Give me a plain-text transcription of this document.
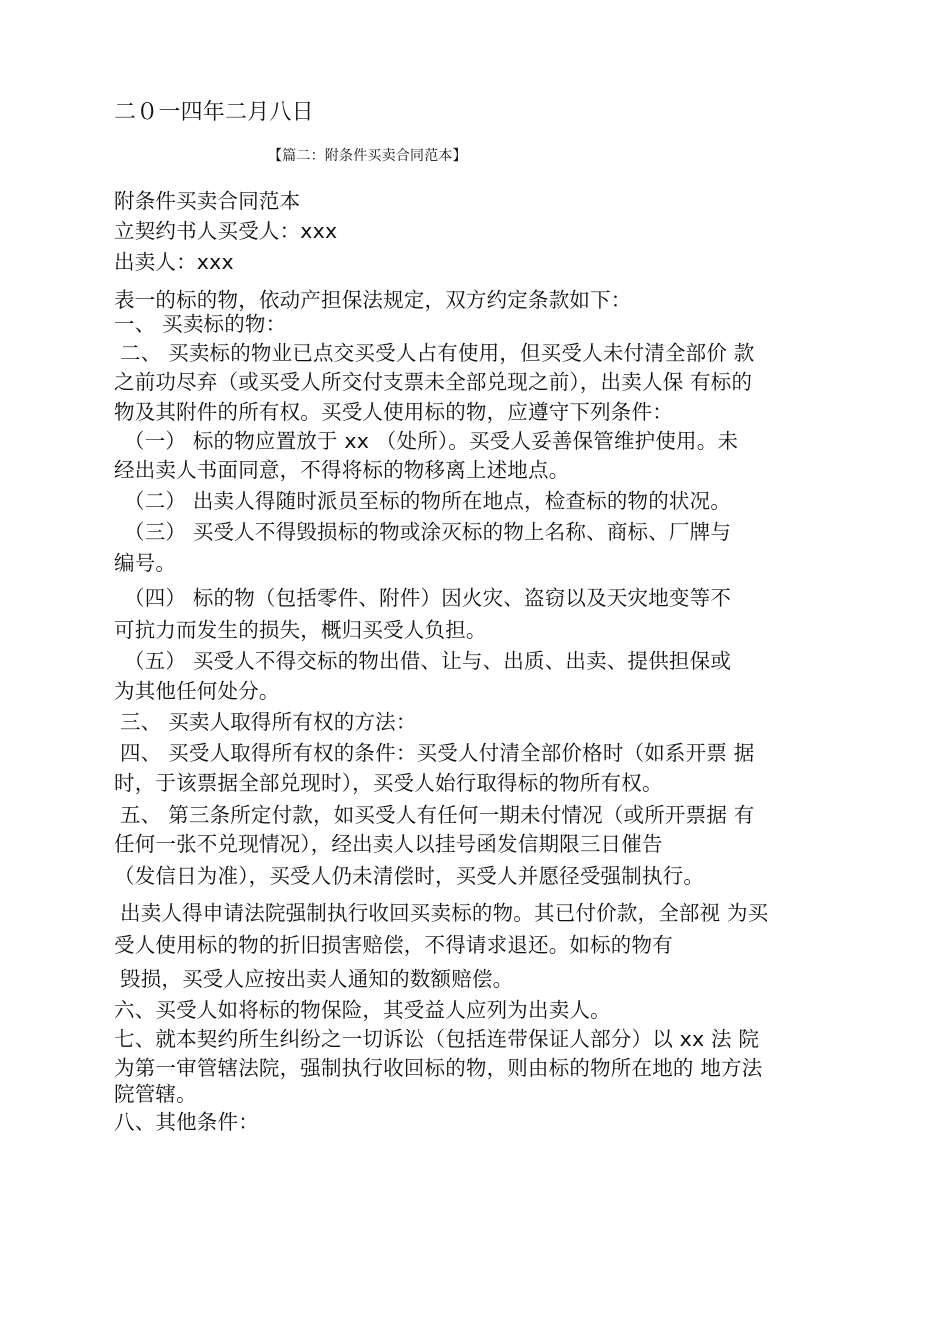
二０一四年二月八日
【篇二：附条件买卖合同范本】
附条件买卖合同范本
立契约书人买受人：xxx
出卖人：xxx
表一的标的物，依动产担保法规定，双方约定条款如下：
一、 买卖标的物：
二、 买卖标的物业已点交买受人占有使用，但买受人未付清全部价 款
之前功尽弃（或买受人所交付支票未全部兑现之前），出卖人保 有标的
物及其附件的所有权。买受人使用标的物，应遵守下列条件：
（一） 标的物应置放于 xx （处所）。买受人妥善保管维护使用。未
经出卖人书面同意，不得将标的物移离上述地点。
（二） 出卖人得随时派员至标的物所在地点，检查标的物的状况。
（三） 买受人不得毁损标的物或涂灭标的物上名称、商标、厂牌与
编号。
（四） 标的物（包括零件、附件）因火灾、盗窃以及天灾地变等不
可抗力而发生的损失，概归买受人负担。
（五） 买受人不得交标的物出借、让与、出质、出卖、提供担保或
为其他任何处分。
三、 买卖人取得所有权的方法：
四、 买受人取得所有权的条件：买受人付清全部价格时（如系开票 据
时，于该票据全部兑现时），买受人始行取得标的物所有权。
五、 第三条所定付款，如买受人有任何一期未付情况（或所开票据 有
任何一张不兑现情况），经出卖人以挂号函发信期限三日催告
（发信日为准），买受人仍未清偿时，买受人并愿径受强制执行。
出卖人得申请法院强制执行收回买卖标的物。其已付价款，全部视 为买
受人使用标的物的折旧损害赔偿，不得请求退还。如标的物有
毁损，买受人应按出卖人通知的数额赔偿。
六、买受人如将标的物保险，其受益人应列为出卖人。
七、就本契约所生纠纷之一切诉讼（包括连带保证人部分）以 xx 法 院
为第一审管辖法院，强制执行收回标的物，则由标的物所在地的 地方法
院管辖。
八、其他条件：
